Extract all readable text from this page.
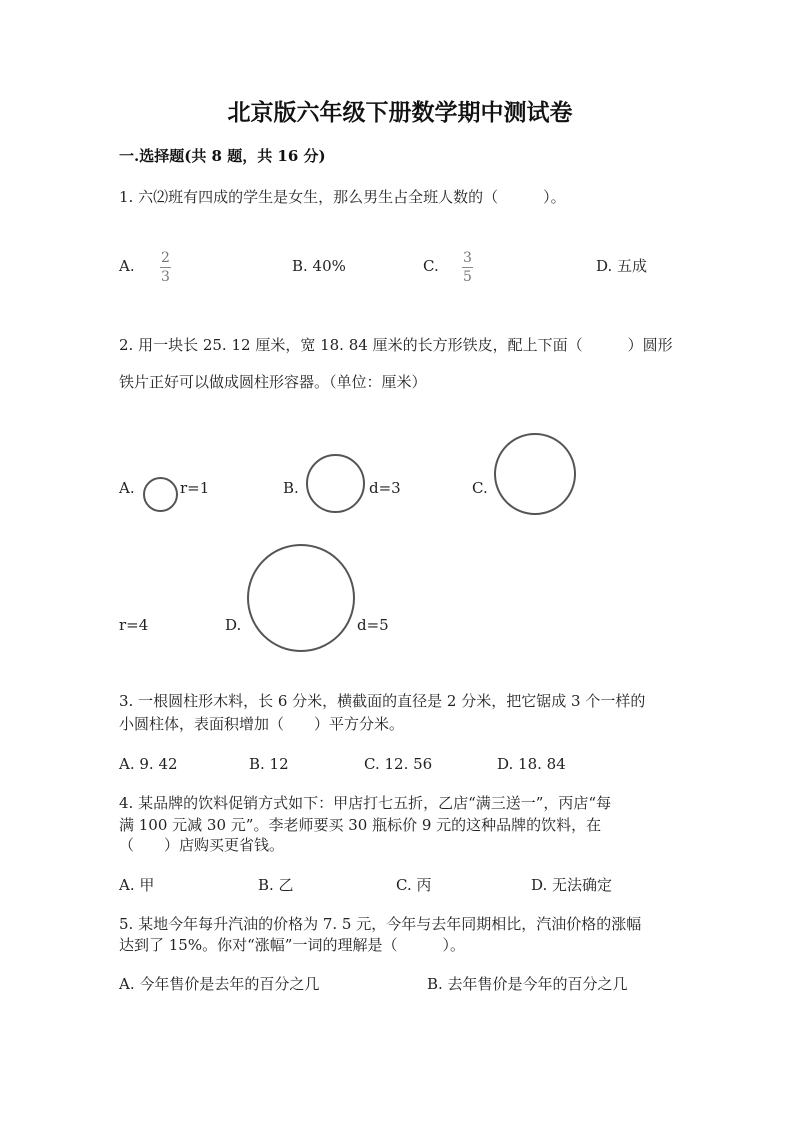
北京版六年级下册数学期中测试卷
一.选择题(共 8 题，共 16 分)
1. 六⑵班有四成的学生是女生，那么男生占全班人数的（　　　）。
A. 2
3
B. 40%	C. 3
5
D. 五成
2. 用一块长 25. 12 厘米，宽 18. 84 厘米的长方形铁皮，配上下面（　　　）圆形
铁片正好可以做成圆柱形容器。（单位：厘米）
A.	r=1	B.	d=3	C.
r=4	D.	d=5
3. 一根圆柱形木料，长 6 分米，横截面的直径是 2 分米，把它锯成 3 个一样的
小圆柱体，表面积增加（　　）平方分米。
A. 9. 42	B. 12	C. 12. 56	D. 18. 84
4. 某品牌的饮料促销方式如下：甲店打七五折，乙店“满三送一”，丙店“每
满 100 元减 30 元”。李老师要买 30 瓶标价 9 元的这种品牌的饮料，在
（　　）店购买更省钱。
A. 甲	B. 乙	C. 丙	D. 无法确定
5. 某地今年每升汽油的价格为 7. 5 元，今年与去年同期相比，汽油价格的涨幅
达到了 15%。你对“涨幅”一词的理解是（　　　）。
A. 今年售价是去年的百分之几	B. 去年售价是今年的百分之几
